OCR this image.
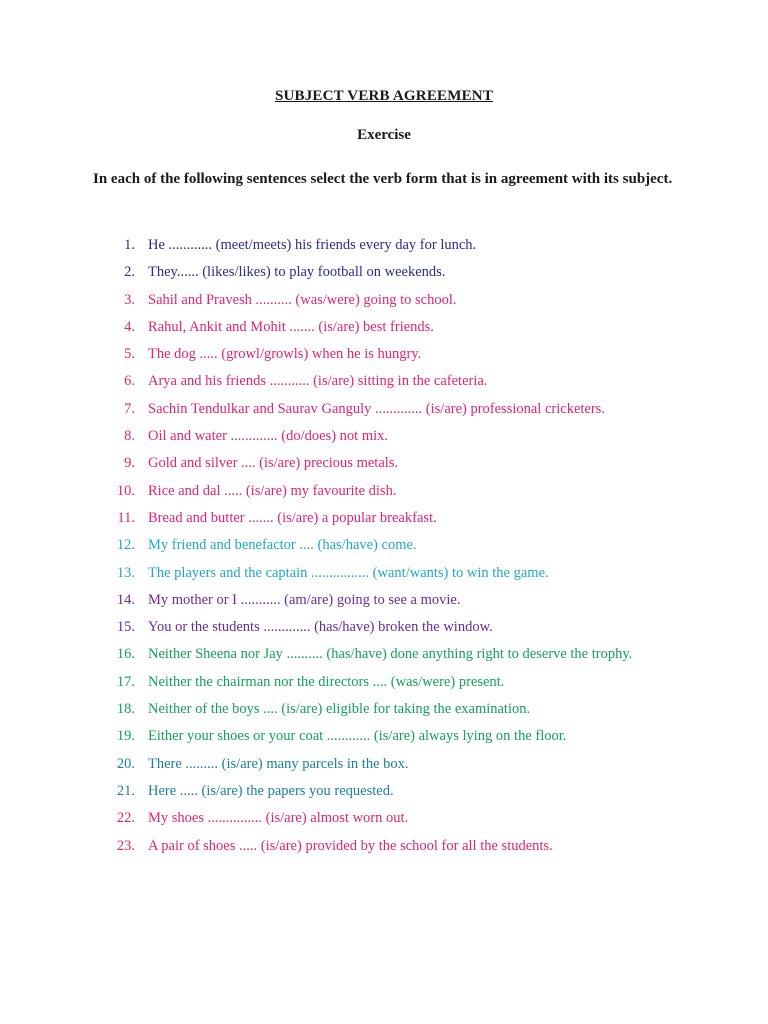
SUBJECT VERB AGREEMENT
Exercise
In each of the following sentences select the verb form that is in agreement with its subject.
1. He ............ (meet/meets) his friends every day for lunch.
2. They...... (likes/likes) to play football on weekends.
3. Sahil and Pravesh .......... (was/were) going to school.
4. Rahul, Ankit and Mohit ....... (is/are) best friends.
5. The dog ..... (growl/growls) when he is hungry.
6. Arya and his friends ........... (is/are) sitting in the cafeteria.
7. Sachin Tendulkar and Saurav Ganguly ............. (is/are) professional cricketers.
8. Oil and water ............. (do/does) not mix.
9. Gold and silver .... (is/are) precious metals.
10. Rice and dal ..... (is/are) my favourite dish.
11. Bread and butter ....... (is/are) a popular breakfast.
12. My friend and benefactor .... (has/have) come.
13. The players and the captain ................ (want/wants) to win the game.
14. My mother or I ........... (am/are) going to see a movie.
15. You or the students ............. (has/have) broken the window.
16. Neither Sheena nor Jay .......... (has/have) done anything right to deserve the trophy.
17. Neither the chairman nor the directors .... (was/were) present.
18. Neither of the boys .... (is/are) eligible for taking the examination.
19. Either your shoes or your coat ............ (is/are) always lying on the floor.
20. There ......... (is/are) many parcels in the box.
21. Here ..... (is/are) the papers you requested.
22. My shoes ............... (is/are) almost worn out.
23. A pair of shoes ..... (is/are) provided by the school for all the students.
